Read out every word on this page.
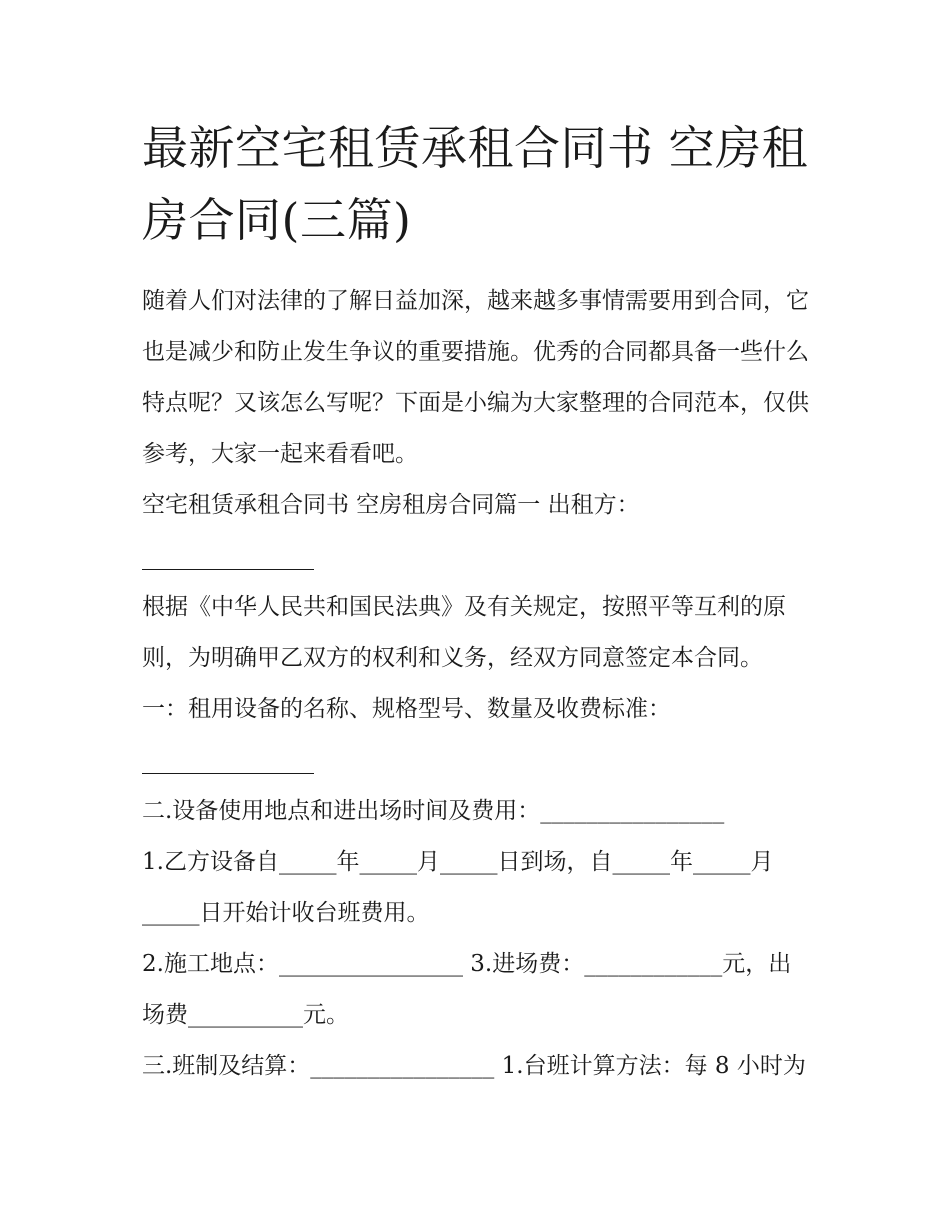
最新空宅租赁承租合同书 空房租房合同(三篇)

随着人们对法律的了解日益加深，越来越多事情需要用到合同，它也是减少和防止发生争议的重要措施。优秀的合同都具备一些什么特点呢？又该怎么写呢？下面是小编为大家整理的合同范本，仅供参考，大家一起来看看吧。

空宅租赁承租合同书 空房租房合同篇一 出租方：

根据《中华人民共和国民法典》及有关规定，按照平等互利的原则，为明确甲乙双方的权利和义务，经双方同意签定本合同。

一：租用设备的名称、规格型号、数量及收费标准：

二.设备使用地点和进出场时间及费用：________________

1.乙方设备自_____年_____月_____日到场，自_____年_____月_____日开始计收台班费用。

2.施工地点：________________ 3.进场费：____________元，出场费__________元。

三.班制及结算：________________ 1.台班计算方法：每 8 小时为
